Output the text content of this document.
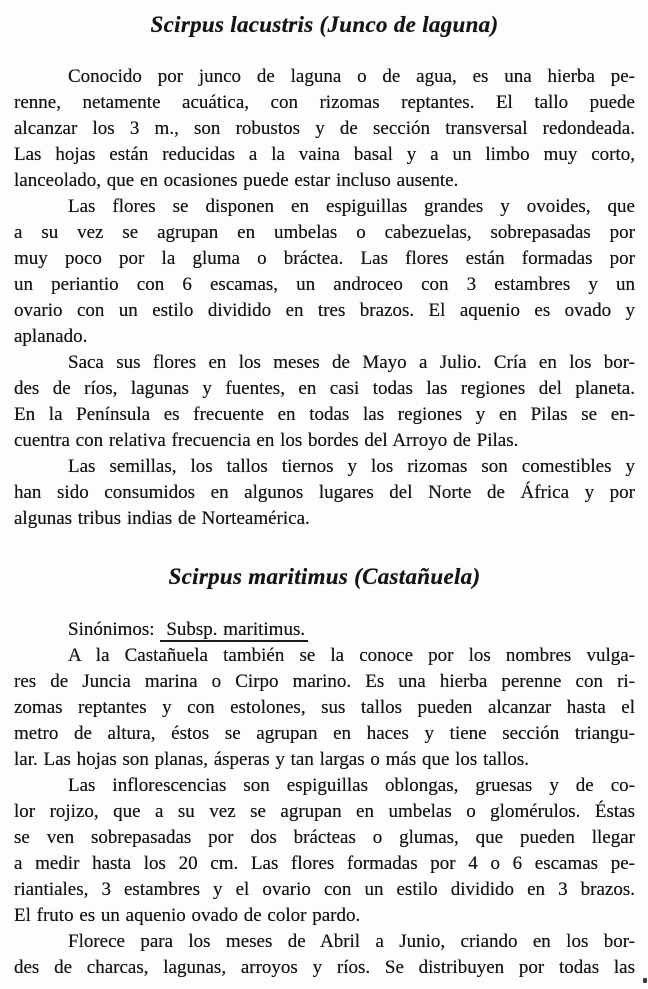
Scirpus lacustris (Junco de laguna)
Conocido por junco de laguna o de agua, es una hierba pe-
renne, netamente acuática, con rizomas reptantes. El tallo puede
alcanzar los 3 m., son robustos y de sección transversal redondeada.
Las hojas están reducidas a la vaina basal y a un limbo muy corto,
lanceolado, que en ocasiones puede estar incluso ausente.
Las flores se disponen en espiguillas grandes y ovoides, que
a su vez se agrupan en umbelas o cabezuelas, sobrepasadas por
muy poco por la gluma o bráctea. Las flores están formadas por
un periantio con 6 escamas, un androceo con 3 estambres y un
ovario con un estilo dividido en tres brazos. El aquenio es ovado y
aplanado.
Saca sus flores en los meses de Mayo a Julio. Cría en los bor-
des de ríos, lagunas y fuentes, en casi todas las regiones del planeta.
En la Península es frecuente en todas las regiones y en Pilas se en-
cuentra con relativa frecuencia en los bordes del Arroyo de Pilas.
Las semillas, los tallos tiernos y los rizomas son comestibles y
han sido consumidos en algunos lugares del Norte de África y por
algunas tribus indias de Norteamérica.
Scirpus maritimus (Castañuela)
Sinónimos: Subsp. maritimus.
A la Castañuela también se la conoce por los nombres vulga-
res de Juncia marina o Cirpo marino. Es una hierba perenne con ri-
zomas reptantes y con estolones, sus tallos pueden alcanzar hasta el
metro de altura, éstos se agrupan en haces y tiene sección triangu-
lar. Las hojas son planas, ásperas y tan largas o más que los tallos.
Las inflorescencias son espiguillas oblongas, gruesas y de co-
lor rojizo, que a su vez se agrupan en umbelas o glomérulos. Éstas
se ven sobrepasadas por dos brácteas o glumas, que pueden llegar
a medir hasta los 20 cm. Las flores formadas por 4 o 6 escamas pe-
riantiales, 3 estambres y el ovario con un estilo dividido en 3 brazos.
El fruto es un aquenio ovado de color pardo.
Florece para los meses de Abril a Junio, criando en los bor-
des de charcas, lagunas, arroyos y ríos. Se distribuyen por todas las
